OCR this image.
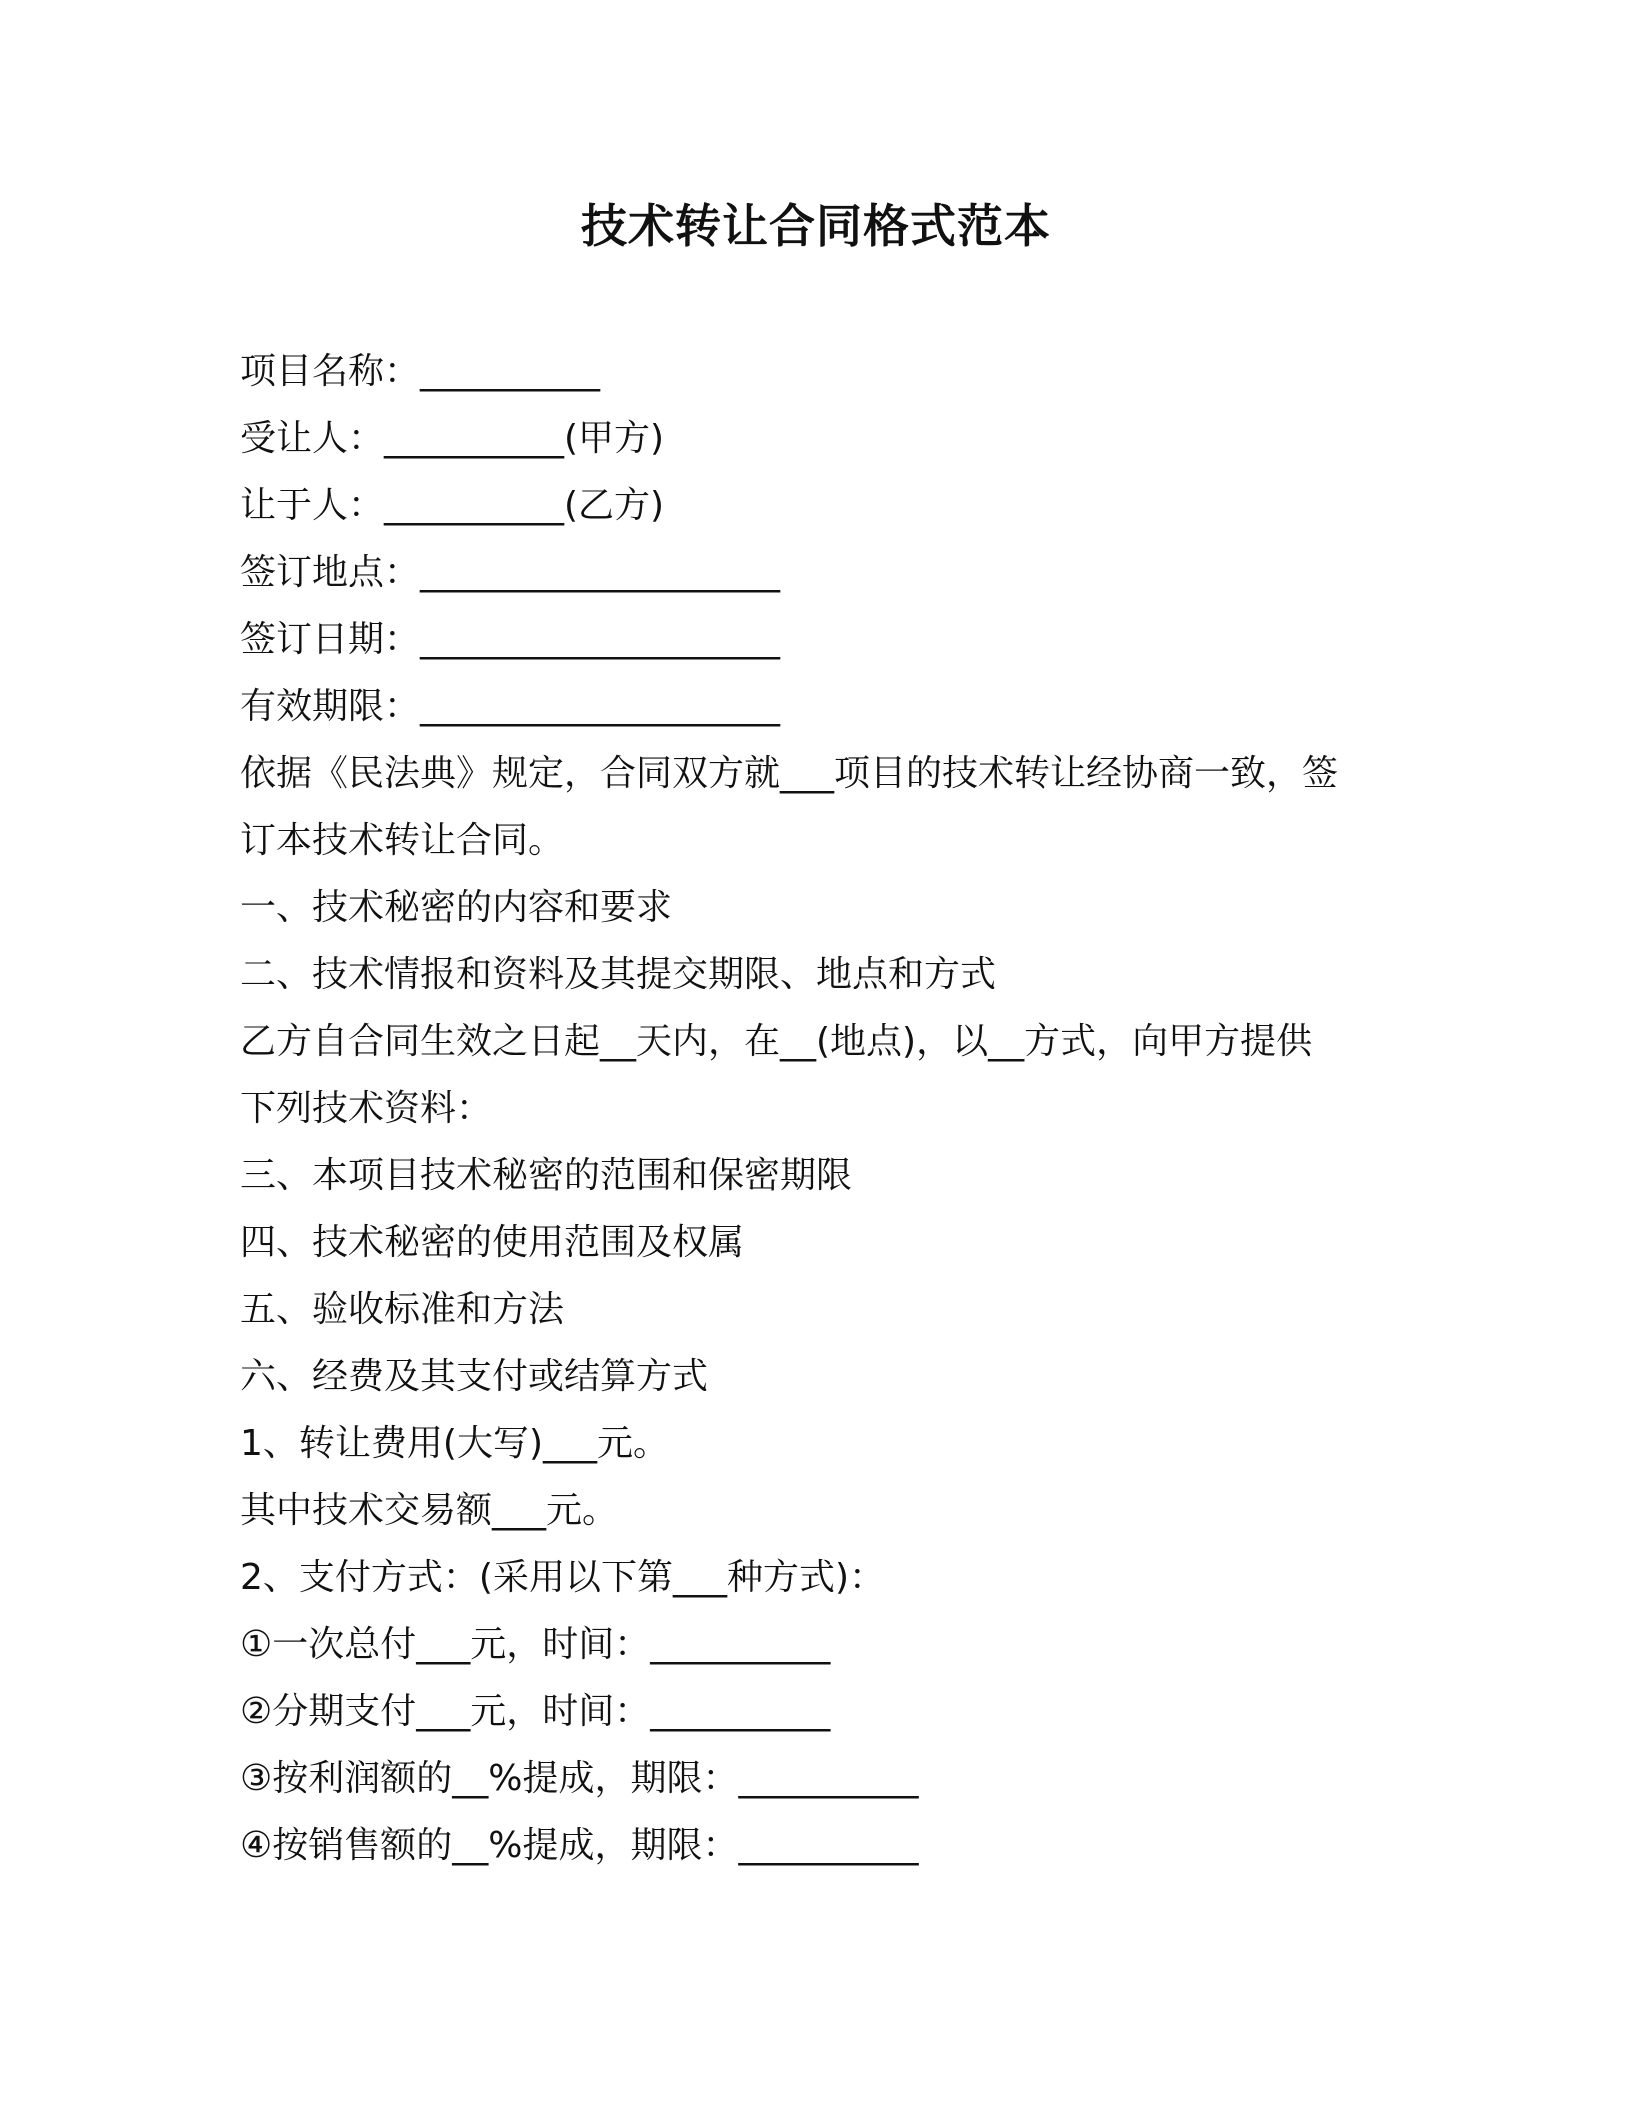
技术转让合同格式范本

项目名称：__________

受让人：__________(甲方)

让于人：__________(乙方)

签订地点：____________________

签订日期：____________________

有效期限：____________________

依据《民法典》规定，合同双方就___项目的技术转让经协商一致，签

订本技术转让合同。

一、技术秘密的内容和要求

二、技术情报和资料及其提交期限、地点和方式

乙方自合同生效之日起__天内，在__(地点)，以__方式，向甲方提供

下列技术资料：

三、本项目技术秘密的范围和保密期限

四、技术秘密的使用范围及权属

五、验收标准和方法

六、经费及其支付或结算方式

1、转让费用(大写)___元。

其中技术交易额___元。

2、支付方式：(采用以下第___种方式)：

①一次总付___元，时间：__________

②分期支付___元，时间：__________

③按利润额的__%提成，期限：__________

④按销售额的__%提成，期限：__________
